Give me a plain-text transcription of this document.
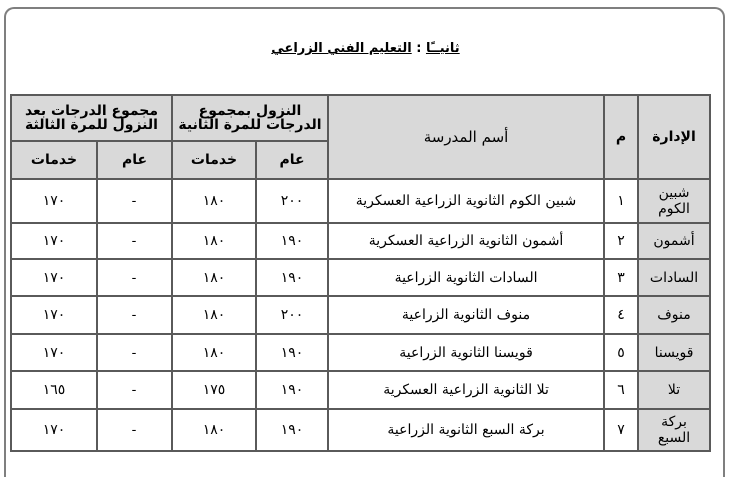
ثانيــًا : التعليم الفني الزراعي
الإدارة	م	أسم المدرسة	النزول بمجموع الدرجات للمرة الثانية		مجموع الدرجات بعد النزول للمرة الثالثة	
			عام	خدمات	عام	خدمات
شبين الكوم	١	شبين الكوم الثانوية الزراعية العسكرية	٢٠٠	١٨٠	-	١٧٠
أشمون	٢	أشمون الثانوية الزراعية العسكرية	١٩٠	١٨٠	-	١٧٠
السادات	٣	السادات الثانوية الزراعية	١٩٠	١٨٠	-	١٧٠
منوف	٤	منوف الثانوية الزراعية	٢٠٠	١٨٠	-	١٧٠
قويسنا	٥	قويسنا الثانوية الزراعية	١٩٠	١٨٠	-	١٧٠
تلا	٦	تلا الثانوية الزراعية العسكرية	١٩٠	١٧٥	-	١٦٥
بركة السبع	٧	بركة السبع الثانوية الزراعية	١٩٠	١٨٠	-	١٧٠
